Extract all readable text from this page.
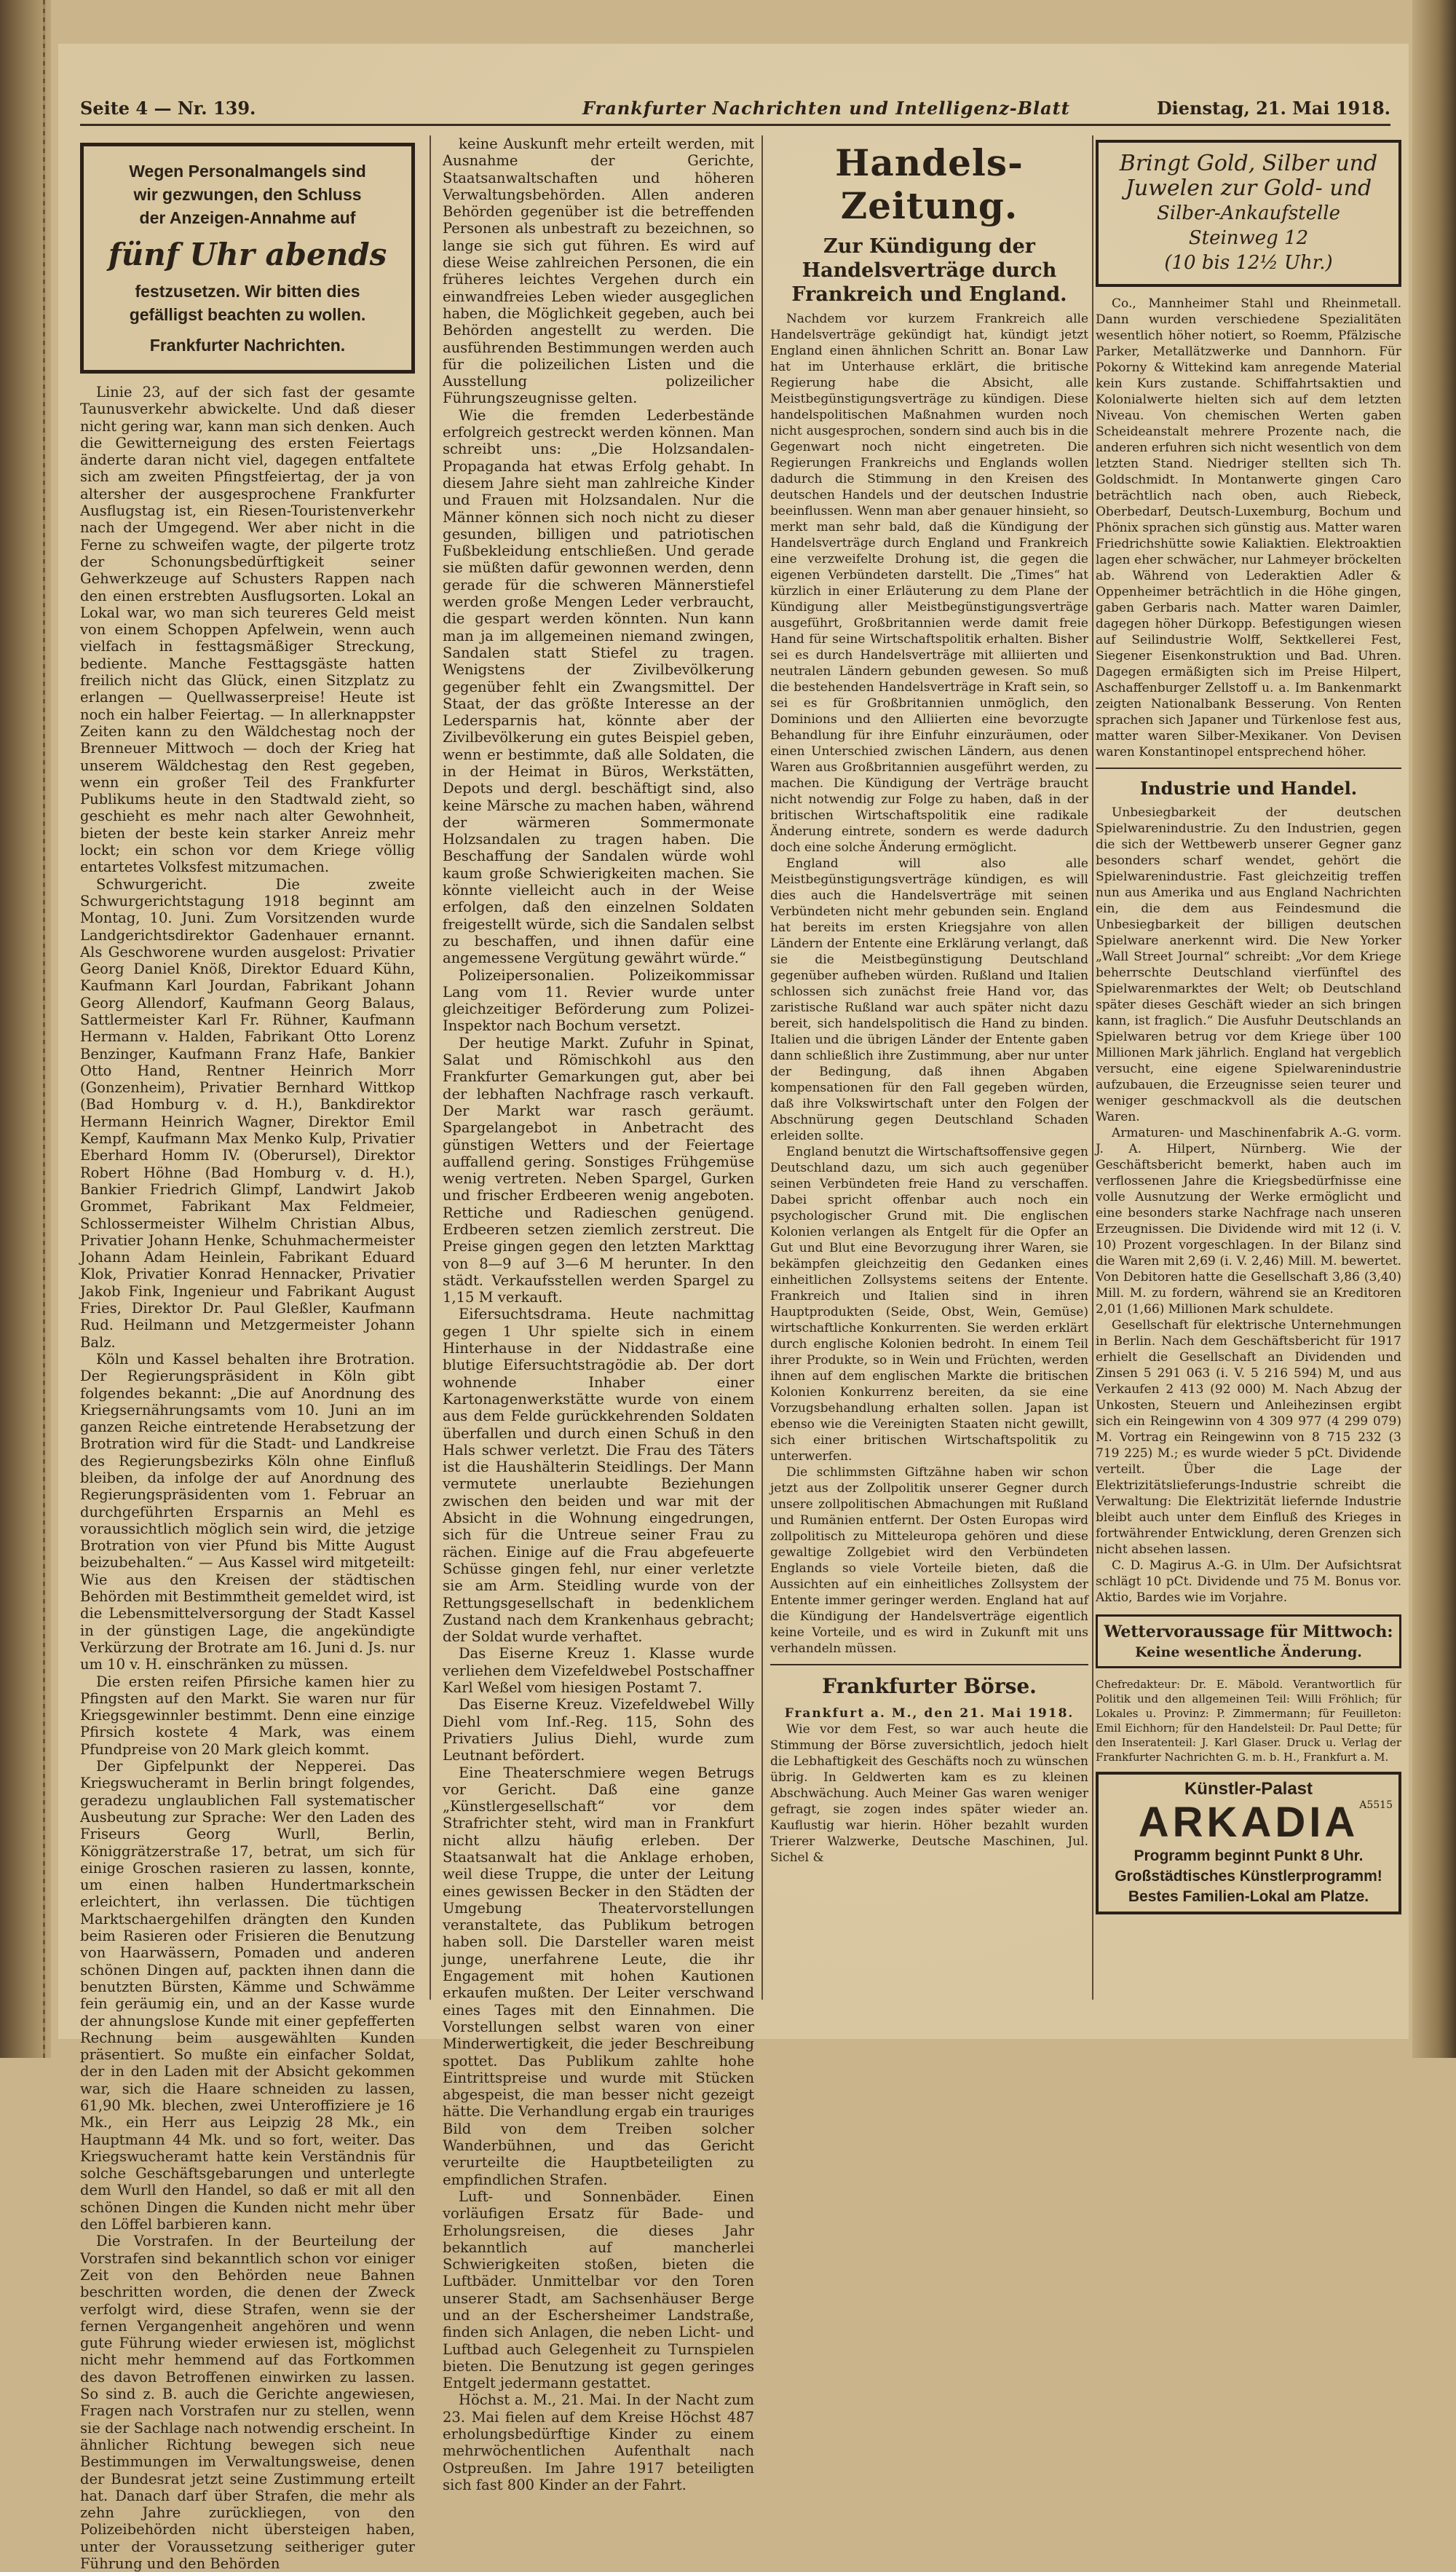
Seite 4 — Nr. 139.	Frankfurter Nachrichten und Intelligenz-Blatt	Dienstag, 21. Mai 1918.
Wegen Personalmangels sind
wir gezwungen, den Schluss
der Anzeigen-Annahme auf
fünf Uhr abends
festzusetzen. Wir bitten dies
gefälligst beachten zu wollen.
Frankfurter Nachrichten.

Linie 23, auf der sich fast der gesamte Taunusverkehr abwickelte. Und daß dieser nicht gering war, kann man sich denken. Auch die Gewitterneigung des ersten Feiertags änderte daran nicht viel, dagegen entfaltete sich am zweiten Pfingstfeiertag, der ja von altersher der ausgesprochene Frankfurter Ausflugstag ist, ein Riesen-Touristenverkehr nach der Umgegend. Wer aber nicht in die Ferne zu schweifen wagte, der pilgerte trotz der Schonungsbedürftigkeit seiner Gehwerkzeuge auf Schusters Rappen nach den einen erstrebten Ausflugsorten. Lokal an Lokal war, wo man sich teureres Geld meist von einem Schoppen Apfelwein, wenn auch vielfach in festtagsmäßiger Streckung, bediente. Manche Festtagsgäste hatten freilich nicht das Glück, einen Sitzplatz zu erlangen — Quellwasserpreise! Heute ist noch ein halber Feiertag. — In allerknappster Zeiten kann zu den Wäldchestag noch der Brenneuer Mittwoch — doch der Krieg hat unserem Wäldchestag den Rest gegeben, wenn ein großer Teil des Frankfurter Publikums heute in den Stadtwald zieht, so geschieht es mehr nach alter Gewohnheit, bieten der beste kein starker Anreiz mehr lockt; ein schon vor dem Kriege völlig entartetes Volksfest mitzumachen.

Schwurgericht. Die zweite Schwurgerichtstagung 1918 beginnt am Montag, 10. Juni. Zum Vorsitzenden wurde Landgerichtsdirektor Gadenhauer ernannt. Als Geschworene wurden ausgelost: Privatier Georg Daniel Knöß, Direktor Eduard Kühn, Kaufmann Karl Jourdan, Fabrikant Johann Georg Allendorf, Kaufmann Georg Balaus, Sattlermeister Karl Fr. Rühner, Kaufmann Hermann v. Halden, Fabrikant Otto Lorenz Benzinger, Kaufmann Franz Hafe, Bankier Otto Hand, Rentner Heinrich Morr (Gonzenheim), Privatier Bernhard Wittkop (Bad Homburg v. d. H.), Bankdirektor Hermann Heinrich Wagner, Direktor Emil Kempf, Kaufmann Max Menko Kulp, Privatier Eberhard Homm IV. (Oberursel), Direktor Robert Höhne (Bad Homburg v. d. H.), Bankier Friedrich Glimpf, Landwirt Jakob Grommet, Fabrikant Max Feldmeier, Schlossermeister Wilhelm Christian Albus, Privatier Johann Henke, Schuhmachermeister Johann Adam Heinlein, Fabrikant Eduard Klok, Privatier Konrad Hennacker, Privatier Jakob Fink, Ingenieur und Fabrikant August Fries, Direktor Dr. Paul Gleßler, Kaufmann Rud. Heilmann und Metzgermeister Johann Balz.

Köln und Kassel behalten ihre Brotration. Der Regierungspräsident in Köln gibt folgendes bekannt: „Die auf Anordnung des Kriegsernährungsamts vom 10. Juni an im ganzen Reiche eintretende Herabsetzung der Brotration wird für die Stadt- und Landkreise des Regierungsbezirks Köln ohne Einfluß bleiben, da infolge der auf Anordnung des Regierungspräsidenten vom 1. Februar an durchgeführten Ersparnis an Mehl es voraussichtlich möglich sein wird, die jetzige Brotration von vier Pfund bis Mitte August beizubehalten.“ — Aus Kassel wird mitgeteilt: Wie aus den Kreisen der städtischen Behörden mit Bestimmtheit gemeldet wird, ist die Lebensmittelversorgung der Stadt Kassel in der günstigen Lage, die angekündigte Verkürzung der Brotrate am 16. Juni d. Js. nur um 10 v. H. einschränken zu müssen.

Die ersten reifen Pfirsiche kamen hier zu Pfingsten auf den Markt. Sie waren nur für Kriegsgewinnler bestimmt. Denn eine einzige Pfirsich kostete 4 Mark, was einem Pfundpreise von 20 Mark gleich kommt.

Der Gipfelpunkt der Nepperei. Das Kriegswucheramt in Berlin bringt folgendes, geradezu unglaublichen Fall systematischer Ausbeutung zur Sprache: Wer den Laden des Friseurs Georg Wurll, Berlin, Königgrätzerstraße 17, betrat, um sich für einige Groschen rasieren zu lassen, konnte, um einen halben Hundertmarkschein erleichtert, ihn verlassen. Die tüchtigen Marktschaergehilfen drängten den Kunden beim Rasieren oder Frisieren die Benutzung von Haarwässern, Pomaden und anderen schönen Dingen auf, packten ihnen dann die benutzten Bürsten, Kämme und Schwämme fein geräumig ein, und an der Kasse wurde der ahnungslose Kunde mit einer gepfefferten Rechnung beim ausgewählten Kunden präsentiert. So mußte ein einfacher Soldat, der in den Laden mit der Absicht gekommen war, sich die Haare schneiden zu lassen, 61,90 Mk. blechen, zwei Unteroffiziere je 16 Mk., ein Herr aus Leipzig 28 Mk., ein Hauptmann 44 Mk. und so fort, weiter. Das Kriegswucheramt hatte kein Verständnis für solche Geschäftsgebarungen und unterlegte dem Wurll den Handel, so daß er mit all den schönen Dingen die Kunden nicht mehr über den Löffel barbieren kann.

Die Vorstrafen. In der Beurteilung der Vorstrafen sind bekanntlich schon vor einiger Zeit von den Behörden neue Bahnen beschritten worden, die denen der Zweck verfolgt wird, diese Strafen, wenn sie der fernen Vergangenheit angehören und wenn gute Führung wieder erwiesen ist, möglichst nicht mehr hemmend auf das Fortkommen des davon Betroffenen einwirken zu lassen. So sind z. B. auch die Gerichte angewiesen, Fragen nach Vorstrafen nur zu stellen, wenn sie der Sachlage nach notwendig erscheint. In ähnlicher Richtung bewegen sich neue Bestimmungen im Verwaltungsweise, denen der Bundesrat jetzt seine Zustimmung erteilt hat. Danach darf über Strafen, die mehr als zehn Jahre zurückliegen, von den Polizeibehörden nicht übersteigen haben, unter der Voraussetzung seitheriger guter Führung und den Behörden

keine Auskunft mehr erteilt werden, mit Ausnahme der Gerichte, Staatsanwaltschaften und höheren Verwaltungsbehörden. Allen anderen Behörden gegenüber ist die betreffenden Personen als unbestraft zu bezeichnen, so lange sie sich gut führen. Es wird auf diese Weise zahlreichen Personen, die ein früheres leichtes Vergehen durch ein einwandfreies Leben wieder ausgeglichen haben, die Möglichkeit gegeben, auch bei Behörden angestellt zu werden. Die ausführenden Bestimmungen werden auch für die polizeilichen Listen und die Ausstellung polizeilicher Führungszeugnisse gelten.

Wie die fremden Lederbestände erfolgreich gestreckt werden können. Man schreibt uns: „Die Holzsandalen-Propaganda hat etwas Erfolg gehabt. In diesem Jahre sieht man zahlreiche Kinder und Frauen mit Holzsandalen. Nur die Männer können sich noch nicht zu dieser gesunden, billigen und patriotischen Fußbekleidung entschließen. Und gerade sie müßten dafür gewonnen werden, denn gerade für die schweren Männerstiefel werden große Mengen Leder verbraucht, die gespart werden könnten. Nun kann man ja im allgemeinen niemand zwingen, Sandalen statt Stiefel zu tragen. Wenigstens der Zivilbevölkerung gegenüber fehlt ein Zwangsmittel. Der Staat, der das größte Interesse an der Ledersparnis hat, könnte aber der Zivilbevölkerung ein gutes Beispiel geben, wenn er bestimmte, daß alle Soldaten, die in der Heimat in Büros, Werkstätten, Depots und dergl. beschäftigt sind, also keine Märsche zu machen haben, während der wärmeren Sommermonate Holzsandalen zu tragen haben. Die Beschaffung der Sandalen würde wohl kaum große Schwierigkeiten machen. Sie könnte vielleicht auch in der Weise erfolgen, daß den einzelnen Soldaten freigestellt würde, sich die Sandalen selbst zu beschaffen, und ihnen dafür eine angemessene Vergütung gewährt würde.“

Polizeipersonalien. Polizeikommissar Lang vom 11. Revier wurde unter gleichzeitiger Beförderung zum Polizei-Inspektor nach Bochum versetzt.

Der heutige Markt. Zufuhr in Spinat, Salat und Römischkohl aus den Frankfurter Gemarkungen gut, aber bei der lebhaften Nachfrage rasch verkauft. Der Markt war rasch geräumt. Spargelangebot in Anbetracht des günstigen Wetters und der Feiertage auffallend gering. Sonstiges Frühgemüse wenig vertreten. Neben Spargel, Gurken und frischer Erdbeeren wenig angeboten. Rettiche und Radieschen genügend. Erdbeeren setzen ziemlich zerstreut. Die Preise gingen gegen den letzten Markttag von 8—9 auf 3—6 M herunter. In den städt. Verkaufsstellen werden Spargel zu 1,15 M verkauft.

Eifersuchtsdrama. Heute nachmittag gegen 1 Uhr spielte sich in einem Hinterhause in der Niddastraße eine blutige Eifersuchtstragödie ab. Der dort wohnende Inhaber einer Kartonagenwerkstätte wurde von einem aus dem Felde gurückkehrenden Soldaten überfallen und durch einen Schuß in den Hals schwer verletzt. Die Frau des Täters ist die Haushälterin Steidlings. Der Mann vermutete unerlaubte Beziehungen zwischen den beiden und war mit der Absicht in die Wohnung eingedrungen, sich für die Untreue seiner Frau zu rächen. Einige auf die Frau abgefeuerte Schüsse gingen fehl, nur einer verletzte sie am Arm. Steidling wurde von der Rettungsgesellschaft in bedenklichem Zustand nach dem Krankenhaus gebracht; der Soldat wurde verhaftet.

Das Eiserne Kreuz 1. Klasse wurde verliehen dem Vizefeldwebel Postschaffner Karl Weßel vom hiesigen Postamt 7.

Das Eiserne Kreuz. Vizefeldwebel Willy Diehl vom Inf.-Reg. 115, Sohn des Privatiers Julius Diehl, wurde zum Leutnant befördert.

Eine Theaterschmiere wegen Betrugs vor Gericht. Daß eine ganze „Künstlergesellschaft“ vor dem Strafrichter steht, wird man in Frankfurt nicht allzu häufig erleben. Der Staatsanwalt hat die Anklage erhoben, weil diese Truppe, die unter der Leitung eines gewissen Becker in den Städten der Umgebung Theatervorstellungen veranstaltete, das Publikum betrogen haben soll. Die Darsteller waren meist junge, unerfahrene Leute, die ihr Engagement mit hohen Kautionen erkaufen mußten. Der Leiter verschwand eines Tages mit den Einnahmen. Die Vorstellungen selbst waren von einer Minderwertigkeit, die jeder Beschreibung spottet. Das Publikum zahlte hohe Eintrittspreise und wurde mit Stücken abgespeist, die man besser nicht gezeigt hätte. Die Verhandlung ergab ein trauriges Bild von dem Treiben solcher Wanderbühnen, und das Gericht verurteilte die Hauptbeteiligten zu empfindlichen Strafen.

Luft- und Sonnenbäder. Einen vorläufigen Ersatz für Bade- und Erholungsreisen, die dieses Jahr bekanntlich auf mancherlei Schwierigkeiten stoßen, bieten die Luftbäder. Unmittelbar vor den Toren unserer Stadt, am Sachsenhäuser Berge und an der Eschersheimer Landstraße, finden sich Anlagen, die neben Licht- und Luftbad auch Gelegenheit zu Turnspielen bieten. Die Benutzung ist gegen geringes Entgelt jedermann gestattet.

Höchst a. M., 21. Mai. In der Nacht zum 23. Mai fielen auf dem Kreise Höchst 487 erholungsbedürftige Kinder zu einem mehrwöchentlichen Aufenthalt nach Ostpreußen. Im Jahre 1917 beteiligten sich fast 800 Kinder an der Fahrt.

Handels-Zeitung.
Zur Kündigung der Handelsverträge durch Frankreich und England.

Nachdem vor kurzem Frankreich alle Handelsverträge gekündigt hat, kündigt jetzt England einen ähnlichen Schritt an. Bonar Law hat im Unterhause erklärt, die britische Regierung habe die Absicht, alle Meistbegünstigungsverträge zu kündigen. Diese handelspolitischen Maßnahmen wurden noch nicht ausgesprochen, sondern sind auch bis in die Gegenwart noch nicht eingetreten. Die Regierungen Frankreichs und Englands wollen dadurch die Stimmung in den Kreisen des deutschen Handels und der deutschen Industrie beeinflussen. Wenn man aber genauer hinsieht, so merkt man sehr bald, daß die Kündigung der Handelsverträge durch England und Frankreich eine verzweifelte Drohung ist, die gegen die eigenen Verbündeten darstellt. Die „Times“ hat kürzlich in einer Erläuterung zu dem Plane der Kündigung aller Meistbegünstigungsverträge ausgeführt, Großbritannien werde damit freie Hand für seine Wirtschaftspolitik erhalten. Bisher sei es durch Handelsverträge mit alliierten und neutralen Ländern gebunden gewesen. So muß die bestehenden Handelsverträge in Kraft sein, so sei es für Großbritannien unmöglich, den Dominions und den Alliierten eine bevorzugte Behandlung für ihre Einfuhr einzuräumen, oder einen Unterschied zwischen Ländern, aus denen Waren aus Großbritannien ausgeführt werden, zu machen. Die Kündigung der Verträge braucht nicht notwendig zur Folge zu haben, daß in der britischen Wirtschaftspolitik eine radikale Änderung eintrete, sondern es werde dadurch doch eine solche Änderung ermöglicht.

England will also alle Meistbegünstigungsverträge kündigen, es will dies auch die Handelsverträge mit seinen Verbündeten nicht mehr gebunden sein. England hat bereits im ersten Kriegsjahre von allen Ländern der Entente eine Erklärung verlangt, daß sie die Meistbegünstigung Deutschland gegenüber aufheben würden. Rußland und Italien schlossen sich zunächst freie Hand vor, das zaristische Rußland war auch später nicht dazu bereit, sich handelspolitisch die Hand zu binden. Italien und die übrigen Länder der Entente gaben dann schließlich ihre Zustimmung, aber nur unter der Bedingung, daß ihnen Abgaben kompensationen für den Fall gegeben würden, daß ihre Volkswirtschaft unter den Folgen der Abschnürung gegen Deutschland Schaden erleiden sollte.

England benutzt die Wirtschaftsoffensive gegen Deutschland dazu, um sich auch gegenüber seinen Verbündeten freie Hand zu verschaffen. Dabei spricht offenbar auch noch ein psychologischer Grund mit. Die englischen Kolonien verlangen als Entgelt für die Opfer an Gut und Blut eine Bevorzugung ihrer Waren, sie bekämpfen gleichzeitig den Gedanken eines einheitlichen Zollsystems seitens der Entente. Frankreich und Italien sind in ihren Hauptprodukten (Seide, Obst, Wein, Gemüse) wirtschaftliche Konkurrenten. Sie werden erklärt durch englische Kolonien bedroht. In einem Teil ihrer Produkte, so in Wein und Früchten, werden ihnen auf dem englischen Markte die britischen Kolonien Konkurrenz bereiten, da sie eine Vorzugsbehandlung erhalten sollen. Japan ist ebenso wie die Vereinigten Staaten nicht gewillt, sich einer britischen Wirtschaftspolitik zu unterwerfen.

Die schlimmsten Giftzähne haben wir schon jetzt aus der Zollpolitik unserer Gegner durch unsere zollpolitischen Abmachungen mit Rußland und Rumänien entfernt. Der Osten Europas wird zollpolitisch zu Mitteleuropa gehören und diese gewaltige Zollgebiet wird den Verbündeten Englands so viele Vorteile bieten, daß die Aussichten auf ein einheitliches Zollsystem der Entente immer geringer werden. England hat auf die Kündigung der Handelsverträge eigentlich keine Vorteile, und es wird in Zukunft mit uns verhandeln müssen.

Frankfurter Börse.

Frankfurt a. M., den 21. Mai 1918.

Wie vor dem Fest, so war auch heute die Stimmung der Börse zuversichtlich, jedoch hielt die Lebhaftigkeit des Geschäfts noch zu wünschen übrig. In Geldwerten kam es zu kleinen Abschwächung. Auch Meiner Gas waren weniger gefragt, sie zogen indes später wieder an. Kauflustig war hierin. Höher bezahlt wurden Trierer Walzwerke, Deutsche Maschinen, Jul. Sichel &

Bringt Gold, Silber und
Juwelen zur Gold- und
Silber-Ankaufstelle Steinweg 12
(10 bis 12½ Uhr.)

Co., Mannheimer Stahl und Rheinmetall. Dann wurden verschiedene Spezialitäten wesentlich höher notiert, so Roemm, Pfälzische Parker, Metallätzwerke und Dannhorn. Für Pokorny & Wittekind kam anregende Material kein Kurs zustande. Schiffahrtsaktien und Kolonialwerte hielten sich auf dem letzten Niveau. Von chemischen Werten gaben Scheideanstalt mehrere Prozente nach, die anderen erfuhren sich nicht wesentlich von dem letzten Stand. Niedriger stellten sich Th. Goldschmidt. In Montanwerte gingen Caro beträchtlich nach oben, auch Riebeck, Oberbedarf, Deutsch-Luxemburg, Bochum und Phönix sprachen sich günstig aus. Matter waren Friedrichshütte sowie Kaliaktien. Elektroaktien lagen eher schwächer, nur Lahmeyer bröckelten ab. Während von Lederaktien Adler & Oppenheimer beträchtlich in die Höhe gingen, gaben Gerbaris nach. Matter waren Daimler, dagegen höher Dürkopp. Befestigungen wiesen auf Seilindustrie Wolff, Sektkellerei Fest, Siegener Eisenkonstruktion und Bad. Uhren. Dagegen ermäßigten sich im Preise Hilpert, Aschaffenburger Zellstoff u. a. Im Bankenmarkt zeigten Nationalbank Besserung. Von Renten sprachen sich Japaner und Türkenlose fest aus, matter waren Silber-Mexikaner. Von Devisen waren Konstantinopel entsprechend höher.

Industrie und Handel.

Unbesiegbarkeit der deutschen Spielwarenindustrie. Zu den Industrien, gegen die sich der Wettbewerb unserer Gegner ganz besonders scharf wendet, gehört die Spielwarenindustrie. Fast gleichzeitig treffen nun aus Amerika und aus England Nachrichten ein, die dem aus Feindesmund die Unbesiegbarkeit der billigen deutschen Spielware anerkennt wird. Die New Yorker „Wall Street Journal“ schreibt: „Vor dem Kriege beherrschte Deutschland vierfünftel des Spielwarenmarktes der Welt; ob Deutschland später dieses Geschäft wieder an sich bringen kann, ist fraglich.“ Die Ausfuhr Deutschlands an Spielwaren betrug vor dem Kriege über 100 Millionen Mark jährlich. England hat vergeblich versucht, eine eigene Spielwarenindustrie aufzubauen, die Erzeugnisse seien teurer und weniger geschmackvoll als die deutschen Waren.

Armaturen- und Maschinenfabrik A.-G. vorm. J. A. Hilpert, Nürnberg. Wie der Geschäftsbericht bemerkt, haben auch im verflossenen Jahre die Kriegsbedürfnisse eine volle Ausnutzung der Werke ermöglicht und eine besonders starke Nachfrage nach unseren Erzeugnissen. Die Dividende wird mit 12 (i. V. 10) Prozent vorgeschlagen. In der Bilanz sind die Waren mit 2,69 (i. V. 2,46) Mill. M. bewertet. Von Debitoren hatte die Gesellschaft 3,86 (3,40) Mill. M. zu fordern, während sie an Kreditoren 2,01 (1,66) Millionen Mark schuldete.

Gesellschaft für elektrische Unternehmungen in Berlin. Nach dem Geschäftsbericht für 1917 erhielt die Gesellschaft an Dividenden und Zinsen 5 291 063 (i. V. 5 216 594) M, und aus Verkaufen 2 413 (92 000) M. Nach Abzug der Unkosten, Steuern und Anleihezinsen ergibt sich ein Reingewinn von 4 309 977 (4 299 079) M. Vortrag ein Reingewinn von 8 715 232 (3 719 225) M.; es wurde wieder 5 pCt. Dividende verteilt. Über die Lage der Elektrizitätslieferungs-Industrie schreibt die Verwaltung: Die Elektrizität liefernde Industrie bleibt auch unter dem Einfluß des Krieges in fortwährender Entwicklung, deren Grenzen sich nicht absehen lassen.

C. D. Magirus A.-G. in Ulm. Der Aufsichtsrat schlägt 10 pCt. Dividende und 75 M. Bonus vor. Aktio, Bardes wie im Vorjahre.

Wettervoraussage für Mittwoch:
Keine wesentliche Änderung.

Chefredakteur: Dr. E. Mäbold. Verantwortlich für Politik und den allgemeinen Teil: Willi Fröhlich; für Lokales u. Provinz: P. Zimmermann; für Feuilleton: Emil Eichhorn; für den Handelsteil: Dr. Paul Dette; für den Inseratenteil: J. Karl Glaser. Druck u. Verlag der Frankfurter Nachrichten G. m. b. H., Frankfurt a. M.

Künstler-Palast
A5515
ARKADIA
Programm beginnt Punkt 8 Uhr.
Großstädtisches Künstlerprogramm!
Bestes Familien-Lokal am Platze.
